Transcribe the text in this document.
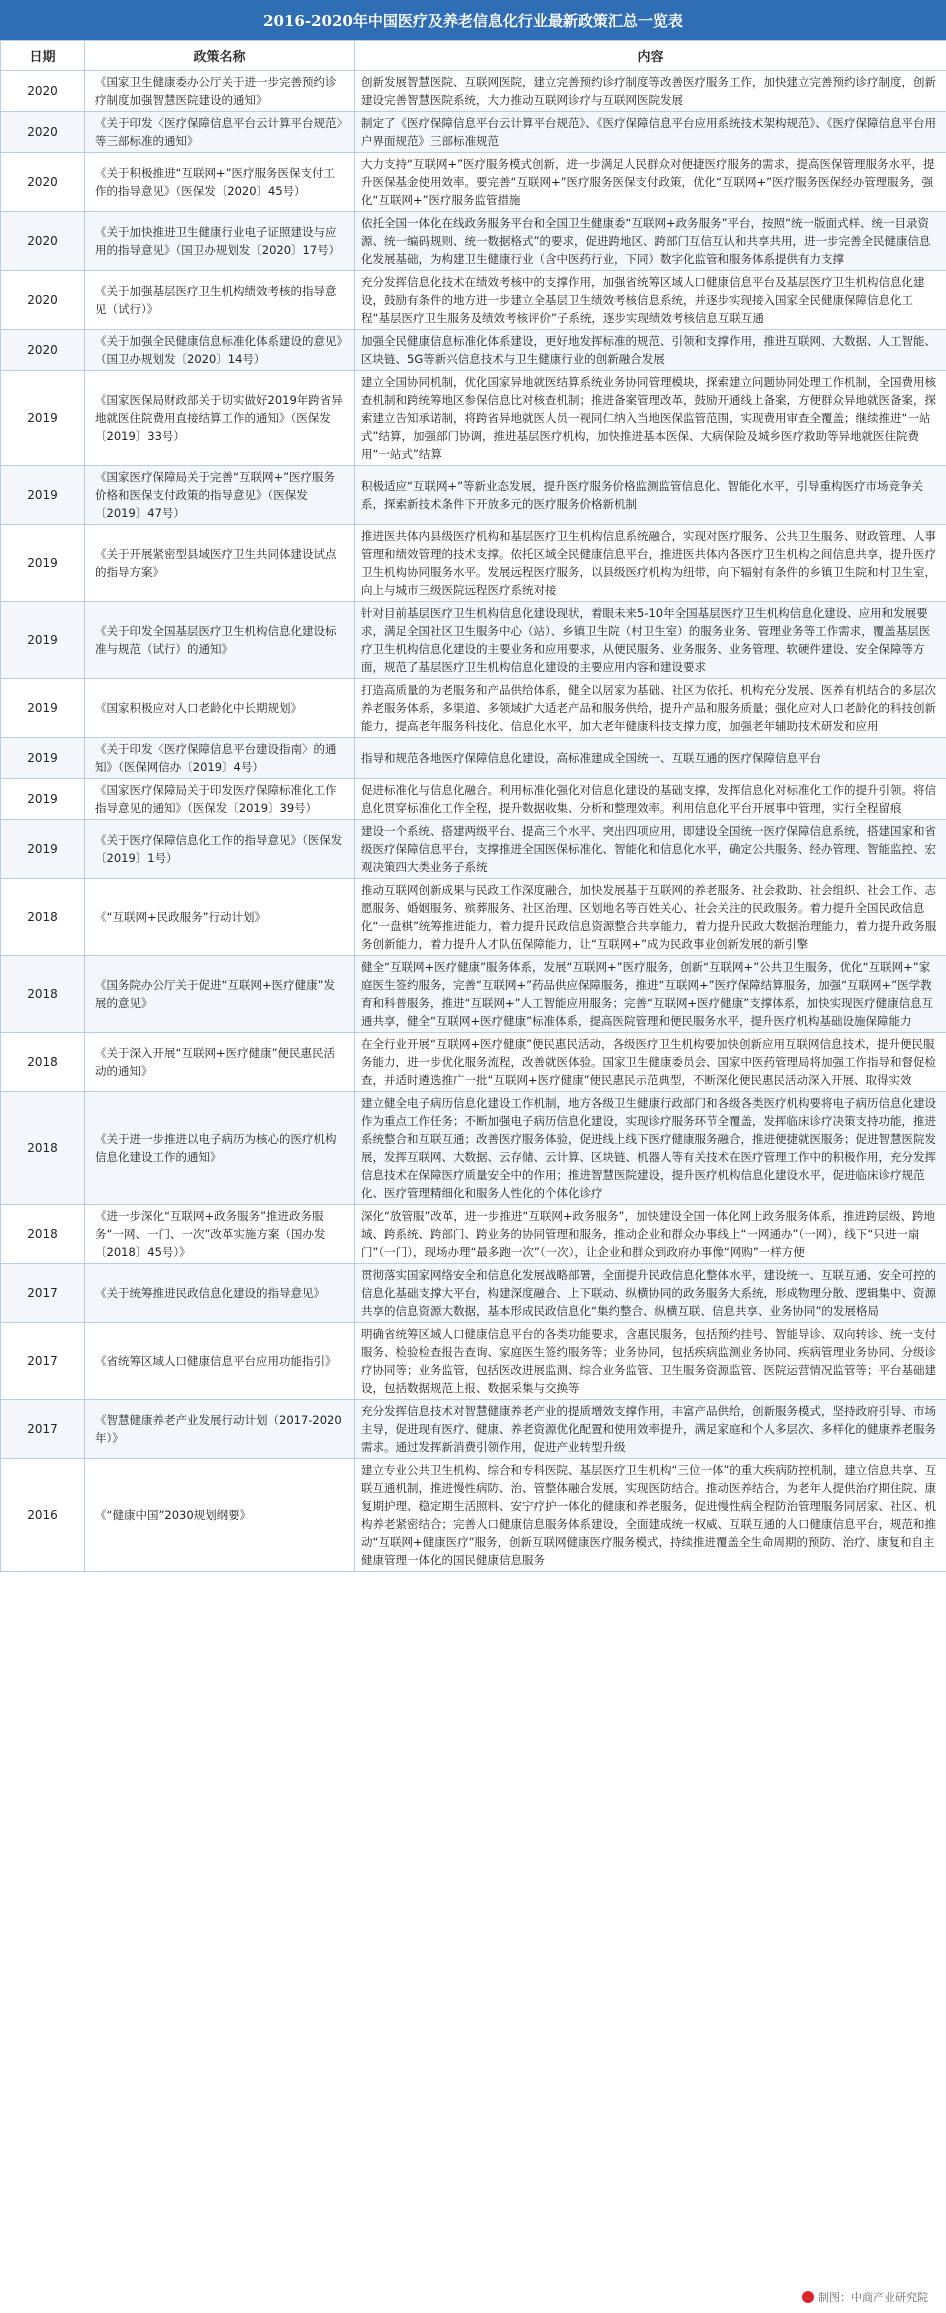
2016-2020年中国医疗及养老信息化行业最新政策汇总一览表
日期	政策名称	内容
2020	《国家卫生健康委办公厅关于进一步完善预约诊疗制度加强智慧医院建设的通知》	创新发展智慧医院、互联网医院，建立完善预约诊疗制度等改善医疗服务工作，加快建立完善预约诊疗制度，创新建设完善智慧医院系统，大力推动互联网诊疗与互联网医院发展
2020	《关于印发〈医疗保障信息平台云计算平台规范〉等三部标准的通知》	制定了《医疗保障信息平台云计算平台规范》、《医疗保障信息平台应用系统技术架构规范》、《医疗保障信息平台用户界面规范》三部标准规范
2020	《关于积极推进“互联网+”医疗服务医保支付工作的指导意见》（医保发〔2020〕45号）	大力支持“互联网+”医疗服务模式创新，进一步满足人民群众对便捷医疗服务的需求，提高医保管理服务水平，提升医保基金使用效率。要完善“互联网+”医疗服务医保支付政策，优化“互联网+”医疗服务医保经办管理服务，强化“互联网+”医疗服务监管措施
2020	《关于加快推进卫生健康行业电子证照建设与应用的指导意见》（国卫办规划发〔2020〕17号）	依托全国一体化在线政务服务平台和全国卫生健康委“互联网+政务服务”平台，按照“统一版面式样、统一目录资源、统一编码规则、统一数据格式”的要求，促进跨地区、跨部门互信互认和共享共用，进一步完善全民健康信息化发展基础，为构建卫生健康行业（含中医药行业，下同）数字化监管和服务体系提供有力支撑
2020	《关于加强基层医疗卫生机构绩效考核的指导意见（试行）》	充分发挥信息化技术在绩效考核中的支撑作用，加强省统筹区域人口健康信息平台及基层医疗卫生机构信息化建设，鼓励有条件的地方进一步建立全基层卫生绩效考核信息系统，并逐步实现接入国家全民健康保障信息化工程“基层医疗卫生服务及绩效考核评价”子系统，逐步实现绩效考核信息互联互通
2020	《关于加强全民健康信息标准化体系建设的意见》（国卫办规划发〔2020〕14号）	加强全民健康信息标准化体系建设，更好地发挥标准的规范、引领和支撑作用，推进互联网、大数据、人工智能、区块链、5G等新兴信息技术与卫生健康行业的创新融合发展
2019	《国家医保局财政部关于切实做好2019年跨省异地就医住院费用直接结算工作的通知》（医保发〔2019〕33号）	建立全国协同机制，优化国家异地就医结算系统业务协同管理模块，探索建立问题协同处理工作机制，全国费用核查机制和跨统筹地区参保信息比对核查机制；推进备案管理改革，鼓励开通线上备案，方便群众异地就医备案，探索建立告知承诺制，将跨省异地就医人员一视同仁纳入当地医保监管范围，实现费用审查全覆盖；继续推进“一站式”结算，加强部门协调，推进基层医疗机构，加快推进基本医保、大病保险及城乡医疗救助等异地就医住院费用“一站式”结算
2019	《国家医疗保障局关于完善“互联网+”医疗服务价格和医保支付政策的指导意见》（医保发〔2019〕47号）	积极适应“互联网+”等新业态发展，提升医疗服务价格监测监管信息化、智能化水平，引导重构医疗市场竞争关系，探索新技术条件下开放多元的医疗服务价格新机制
2019	《关于开展紧密型县域医疗卫生共同体建设试点的指导方案》	推进医共体内县级医疗机构和基层医疗卫生机构信息系统融合，实现对医疗服务、公共卫生服务、财政管理、人事管理和绩效管理的技术支撑。依托区域全民健康信息平台，推进医共体内各医疗卫生机构之间信息共享，提升医疗卫生机构协同服务水平。发展远程医疗服务，以县级医疗机构为纽带，向下辐射有条件的乡镇卫生院和村卫生室，向上与城市三级医院远程医疗系统对接
2019	《关于印发全国基层医疗卫生机构信息化建设标准与规范（试行）的通知》	针对目前基层医疗卫生机构信息化建设现状，着眼未来5-10年全国基层医疗卫生机构信息化建设、应用和发展要求，满足全国社区卫生服务中心（站）、乡镇卫生院（村卫生室）的服务业务、管理业务等工作需求，覆盖基层医疗卫生机构信息化建设的主要业务和应用要求，从便民服务、业务服务、业务管理、软硬件建设、安全保障等方面，规范了基层医疗卫生机构信息化建设的主要应用内容和建设要求
2019	《国家积极应对人口老龄化中长期规划》	打造高质量的为老服务和产品供给体系，健全以居家为基础、社区为依托、机构充分发展、医养有机结合的多层次养老服务体系，多渠道、多领域扩大适老产品和服务供给，提升产品和服务质量；强化应对人口老龄化的科技创新能力，提高老年服务科技化、信息化水平，加大老年健康科技支撑力度，加强老年辅助技术研发和应用
2019	《关于印发〈医疗保障信息平台建设指南〉的通知》（医保网信办〔2019〕4号）	指导和规范各地医疗保障信息化建设，高标准建成全国统一、互联互通的医疗保障信息平台
2019	《国家医疗保障局关于印发医疗保障标准化工作指导意见的通知》（医保发〔2019〕39号）	促进标准化与信息化融合。利用标准化强化对信息化建设的基础支撑，发挥信息化对标准化工作的提升引领。将信息化贯穿标准化工作全程，提升数据收集、分析和整理效率。利用信息化平台开展事中管理，实行全程留痕
2019	《关于医疗保障信息化工作的指导意见》（医保发〔2019〕1号）	建设一个系统、搭建两级平台、提高三个水平、突出四项应用，即建设全国统一医疗保障信息系统，搭建国家和省级医疗保障信息平台，支撑推进全国医保标准化、智能化和信息化水平，确定公共服务、经办管理、智能监控、宏观决策四大类业务子系统
2018	《“互联网+民政服务”行动计划》	推动互联网创新成果与民政工作深度融合，加快发展基于互联网的养老服务、社会救助、社会组织、社会工作、志愿服务、婚姻服务、殡葬服务、社区治理、区划地名等百姓关心、社会关注的民政服务。着力提升全国民政信息化“一盘棋”统筹推进能力，着力提升民政信息资源整合共享能力，着力提升民政大数据治理能力，着力提升政务服务创新能力，着力提升人才队伍保障能力，让“互联网+”成为民政事业创新发展的新引擎
2018	《国务院办公厅关于促进“互联网+医疗健康”发展的意见》	健全“互联网+医疗健康”服务体系，发展“互联网+”医疗服务，创新“互联网+”公共卫生服务，优化“互联网+”家庭医生签约服务，完善“互联网+”药品供应保障服务，推进“互联网+”医疗保障结算服务，加强“互联网+”医学教育和科普服务，推进“互联网+”人工智能应用服务；完善“互联网+医疗健康”支撑体系，加快实现医疗健康信息互通共享，健全“互联网+医疗健康”标准体系，提高医院管理和便民服务水平，提升医疗机构基础设施保障能力
2018	《关于深入开展“互联网+医疗健康”便民惠民活动的通知》	在全行业开展“互联网+医疗健康”便民惠民活动，各级医疗卫生机构要加快创新应用互联网信息技术，提升便民服务能力，进一步优化服务流程，改善就医体验。国家卫生健康委员会、国家中医药管理局将加强工作指导和督促检查，并适时遴选推广一批“互联网+医疗健康”便民惠民示范典型，不断深化便民惠民活动深入开展、取得实效
2018	《关于进一步推进以电子病历为核心的医疗机构信息化建设工作的通知》	建立健全电子病历信息化建设工作机制，地方各级卫生健康行政部门和各级各类医疗机构要将电子病历信息化建设作为重点工作任务；不断加强电子病历信息化建设，实现诊疗服务环节全覆盖，发挥临床诊疗决策支持功能，推进系统整合和互联互通；改善医疗服务体验，促进线上线下医疗健康服务融合，推进便捷就医服务；促进智慧医院发展，发挥互联网、大数据、云存储、云计算、区块链、机器人等有关技术在医疗管理工作中的积极作用，充分发挥信息技术在保障医疗质量安全中的作用；推进智慧医院建设，提升医疗机构信息化建设水平，促进临床诊疗规范化、医疗管理精细化和服务人性化的个体化诊疗
2018	《进一步深化“互联网+政务服务”推进政务服务“一网、一门、一次”改革实施方案（国办发〔2018〕45号）》	深化“放管服”改革，进一步推进“互联网+政务服务”，加快建设全国一体化网上政务服务体系，推进跨层级、跨地域、跨系统、跨部门、跨业务的协同管理和服务，推动企业和群众办事线上“一网通办”（一网），线下“只进一扇门”（一门），现场办理“最多跑一次”（一次），让企业和群众到政府办事像“网购”一样方便
2017	《关于统筹推进民政信息化建设的指导意见》	贯彻落实国家网络安全和信息化发展战略部署，全面提升民政信息化整体水平，建设统一、互联互通、安全可控的信息化基础支撑大平台，构建深度融合、上下联动、纵横协同的政务服务大系统，形成物理分散、逻辑集中、资源共享的信息资源大数据，基本形成民政信息化“集约整合、纵横互联、信息共享、业务协同”的发展格局
2017	《省统筹区域人口健康信息平台应用功能指引》	明确省统筹区域人口健康信息平台的各类功能要求，含惠民服务，包括预约挂号、智能导诊、双向转诊、统一支付服务、检验检查报告查询、家庭医生签约服务等；业务协同，包括疾病监测业务协同、疾病管理业务协同、分级诊疗协同等；业务监管，包括医改进展监测、综合业务监管、卫生服务资源监管、医院运营情况监管等；平台基础建设，包括数据规范上报、数据采集与交换等
2017	《智慧健康养老产业发展行动计划（2017-2020年）》	充分发挥信息技术对智慧健康养老产业的提质增效支撑作用，丰富产品供给，创新服务模式，坚持政府引导、市场主导，促进现有医疗、健康、养老资源优化配置和使用效率提升，满足家庭和个人多层次、多样化的健康养老服务需求。通过发挥新消费引领作用，促进产业转型升级
2016	《“健康中国”2030规划纲要》	建立专业公共卫生机构、综合和专科医院、基层医疗卫生机构“三位一体”的重大疾病防控机制，建立信息共享、互联互通机制，推进慢性病防、治、管整体融合发展，实现医防结合。推动医养结合，为老年人提供治疗期住院、康复期护理、稳定期生活照料、安宁疗护一体化的健康和养老服务，促进慢性病全程防治管理服务同居家、社区、机构养老紧密结合；完善人口健康信息服务体系建设，全面建成统一权威、互联互通的人口健康信息平台，规范和推动“互联网+健康医疗”服务，创新互联网健康医疗服务模式，持续推进覆盖全生命周期的预防、治疗、康复和自主健康管理一体化的国民健康信息服务
制图：中商产业研究院
